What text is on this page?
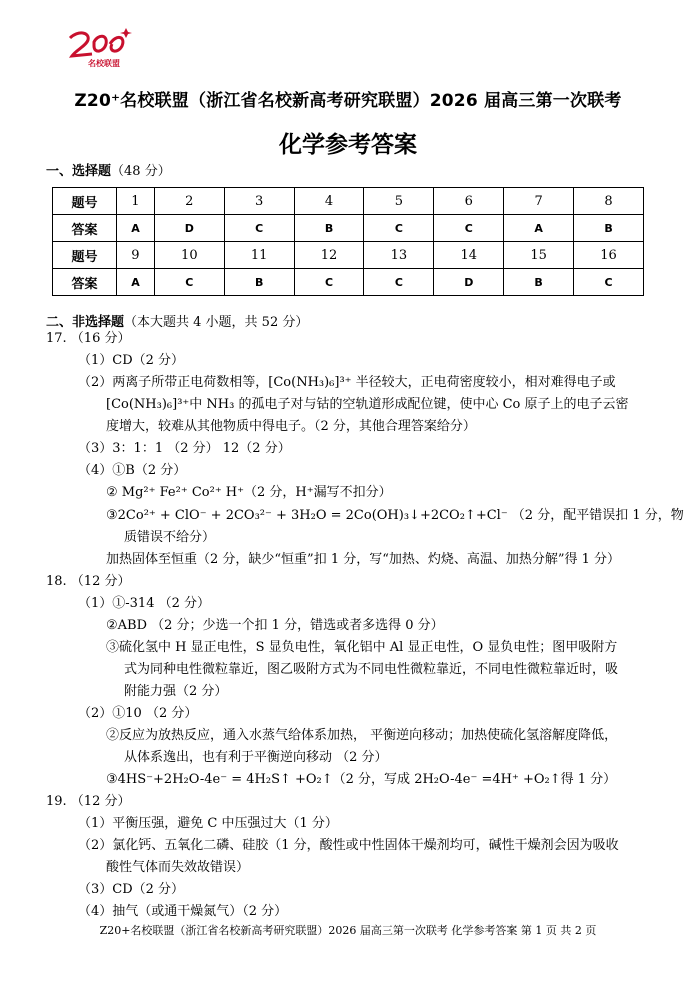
名校联盟
Z20⁺名校联盟（浙江省名校新高考研究联盟）2026 届高三第一次联考
化学参考答案
一、选择题（48 分）
题号	1	2	3	4	5	6	7	8
答案	A	D	C	B	C	C	A	B
题号	9	10	11	12	13	14	15	16
答案	A	C	B	C	C	D	B	C
二、非选择题（本大题共 4 小题，共 52 分）
17. （16 分）
（1）CD（2 分）
（2）两离子所带正电荷数相等，[Co(NH₃)₆]³⁺ 半径较大，正电荷密度较小，相对难得电子或
[Co(NH₃)₆]³⁺中 NH₃ 的孤电子对与钴的空轨道形成配位键，使中心 Co 原子上的电子云密
度增大，较难从其他物质中得电子。（2 分，其他合理答案给分）
（3）3：1：1 （2 分） 12（2 分）
（4）①B（2 分）
② Mg²⁺ Fe²⁺ Co²⁺ H⁺（2 分，H⁺漏写不扣分）
③2Co²⁺ + ClO⁻ + 2CO₃²⁻ + 3H₂O = 2Co(OH)₃↓+2CO₂↑+Cl⁻ （2 分，配平错误扣 1 分，物
质错误不给分）
加热固体至恒重（2 分，缺少“恒重”扣 1 分，写“加热、灼烧、高温、加热分解”得 1 分）
18. （12 分）
（1）①-314 （2 分）
②ABD （2 分；少选一个扣 1 分，错选或者多选得 0 分）
③硫化氢中 H 显正电性，S 显负电性，氧化铝中 Al 显正电性，O 显负电性；图甲吸附方
式为同种电性微粒靠近，图乙吸附方式为不同电性微粒靠近，不同电性微粒靠近时，吸
附能力强（2 分）
（2）①10 （2 分）
②反应为放热反应，通入水蒸气给体系加热， 平衡逆向移动；加热使硫化氢溶解度降低，
从体系逸出，也有利于平衡逆向移动 （2 分）
③4HS⁻+2H₂O-4e⁻ = 4H₂S↑ +O₂↑（2 分，写成 2H₂O-4e⁻ =4H⁺ +O₂↑得 1 分）
19. （12 分）
（1）平衡压强，避免 C 中压强过大（1 分）
（2）氯化钙、五氧化二磷、硅胶（1 分，酸性或中性固体干燥剂均可，碱性干燥剂会因为吸收
酸性气体而失效故错误）
（3）CD（2 分）
（4）抽气（或通干燥氮气）（2 分）
Z20+名校联盟（浙江省名校新高考研究联盟）2026 届高三第一次联考 化学参考答案 第 1 页 共 2 页
